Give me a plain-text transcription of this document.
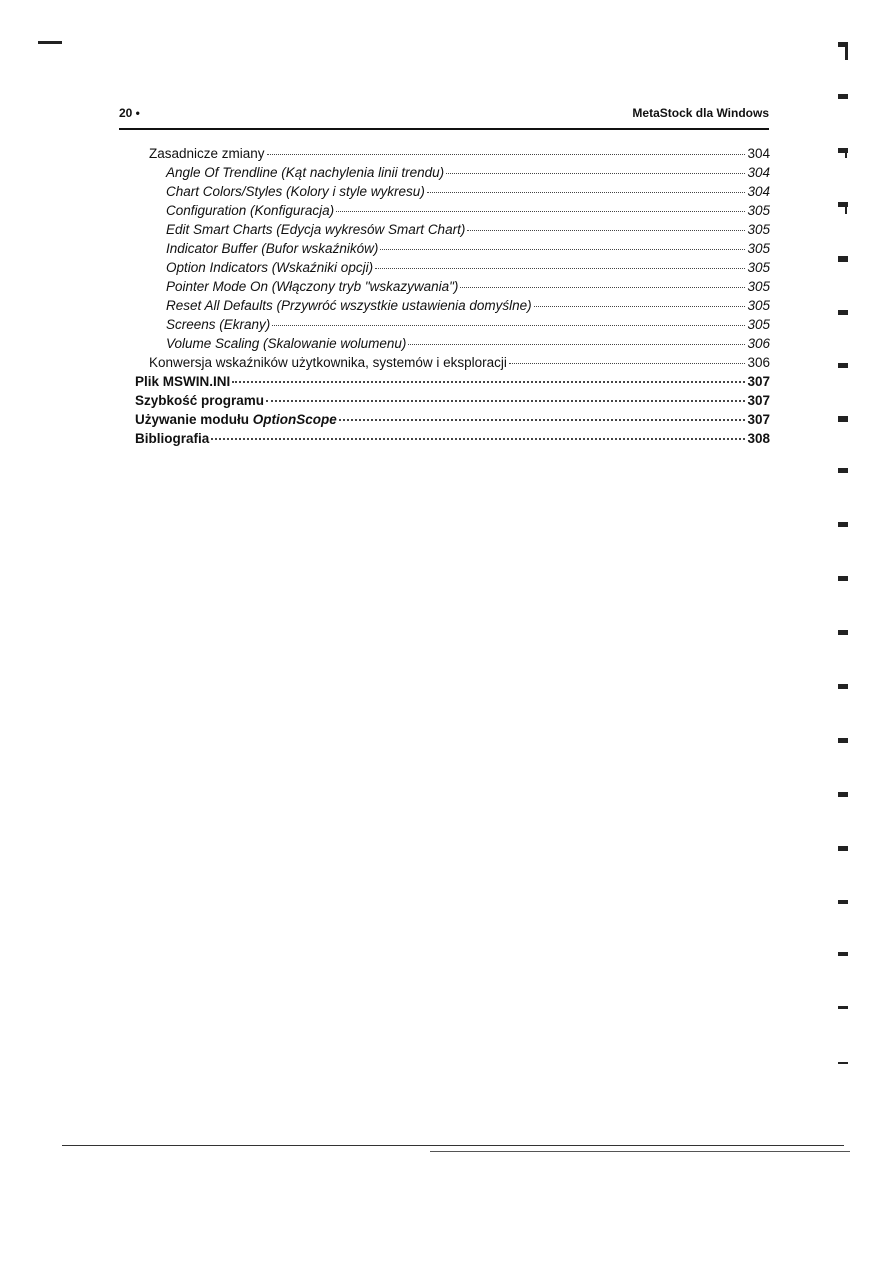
20 •	MetaStock dla Windows
Zasadnicze zmiany	304
Angle Of Trendline (Kąt nachylenia linii trendu)	304
Chart Colors/Styles (Kolory i style wykresu)	304
Configuration (Konfiguracja)	305
Edit Smart Charts (Edycja wykresów Smart Chart)	305
Indicator Buffer (Bufor wskaźników)	305
Option Indicators (Wskaźniki opcji)	305
Pointer Mode On (Włączony tryb "wskazywania")	305
Reset All Defaults (Przywróć wszystkie ustawienia domyślne)	305
Screens (Ekrany)	305
Volume Scaling (Skalowanie wolumenu)	306
Konwersja wskaźników użytkownika, systemów i eksploracji	306
Plik MSWIN.INI	307
Szybkość programu	307
Używanie modułu OptionScope	307
Bibliografia	308
